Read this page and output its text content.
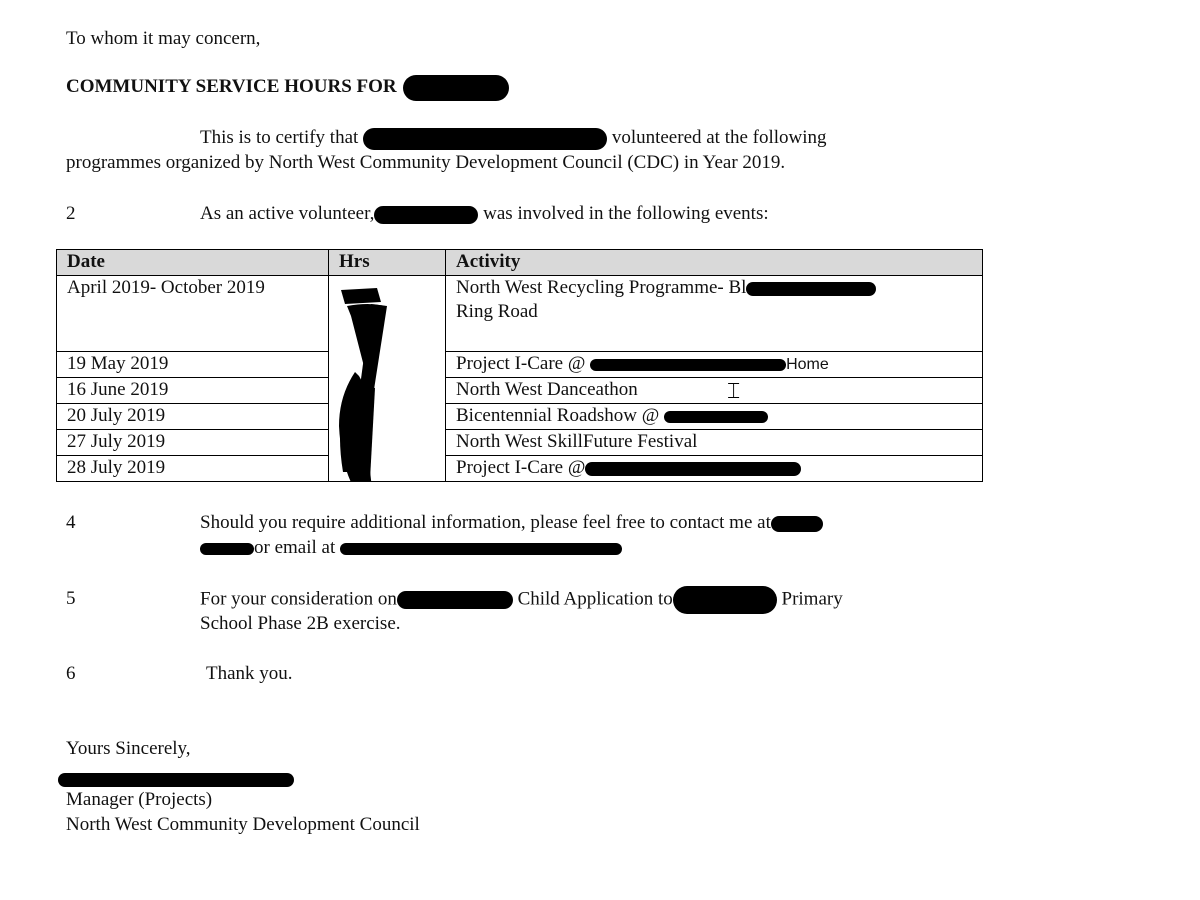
To whom it may concern,
COMMUNITY SERVICE HOURS FOR
This is to certify that	volunteered at the following
programmes organized by North West Community Development Council (CDC) in Year 2019.
2	As an active volunteer,	was involved in the following events:
Date	Hrs	Activity
April 2019- October 2019		North West Recycling Programme- Bl
Ring Road
19 May 2019		Project I-Care @ Home
16 June 2019		North West Danceathon
20 July 2019		Bicentennial Roadshow @
27 July 2019		North West SkillFuture Festival
28 July 2019		Project I-Care @
⌶
4	Should you require additional information, please feel free to contact me at
or email at
5	For your consideration on	Child Application to	Primary
School Phase 2B exercise.
6	Thank you.
Yours Sincerely,
Manager (Projects)
North West Community Development Council
